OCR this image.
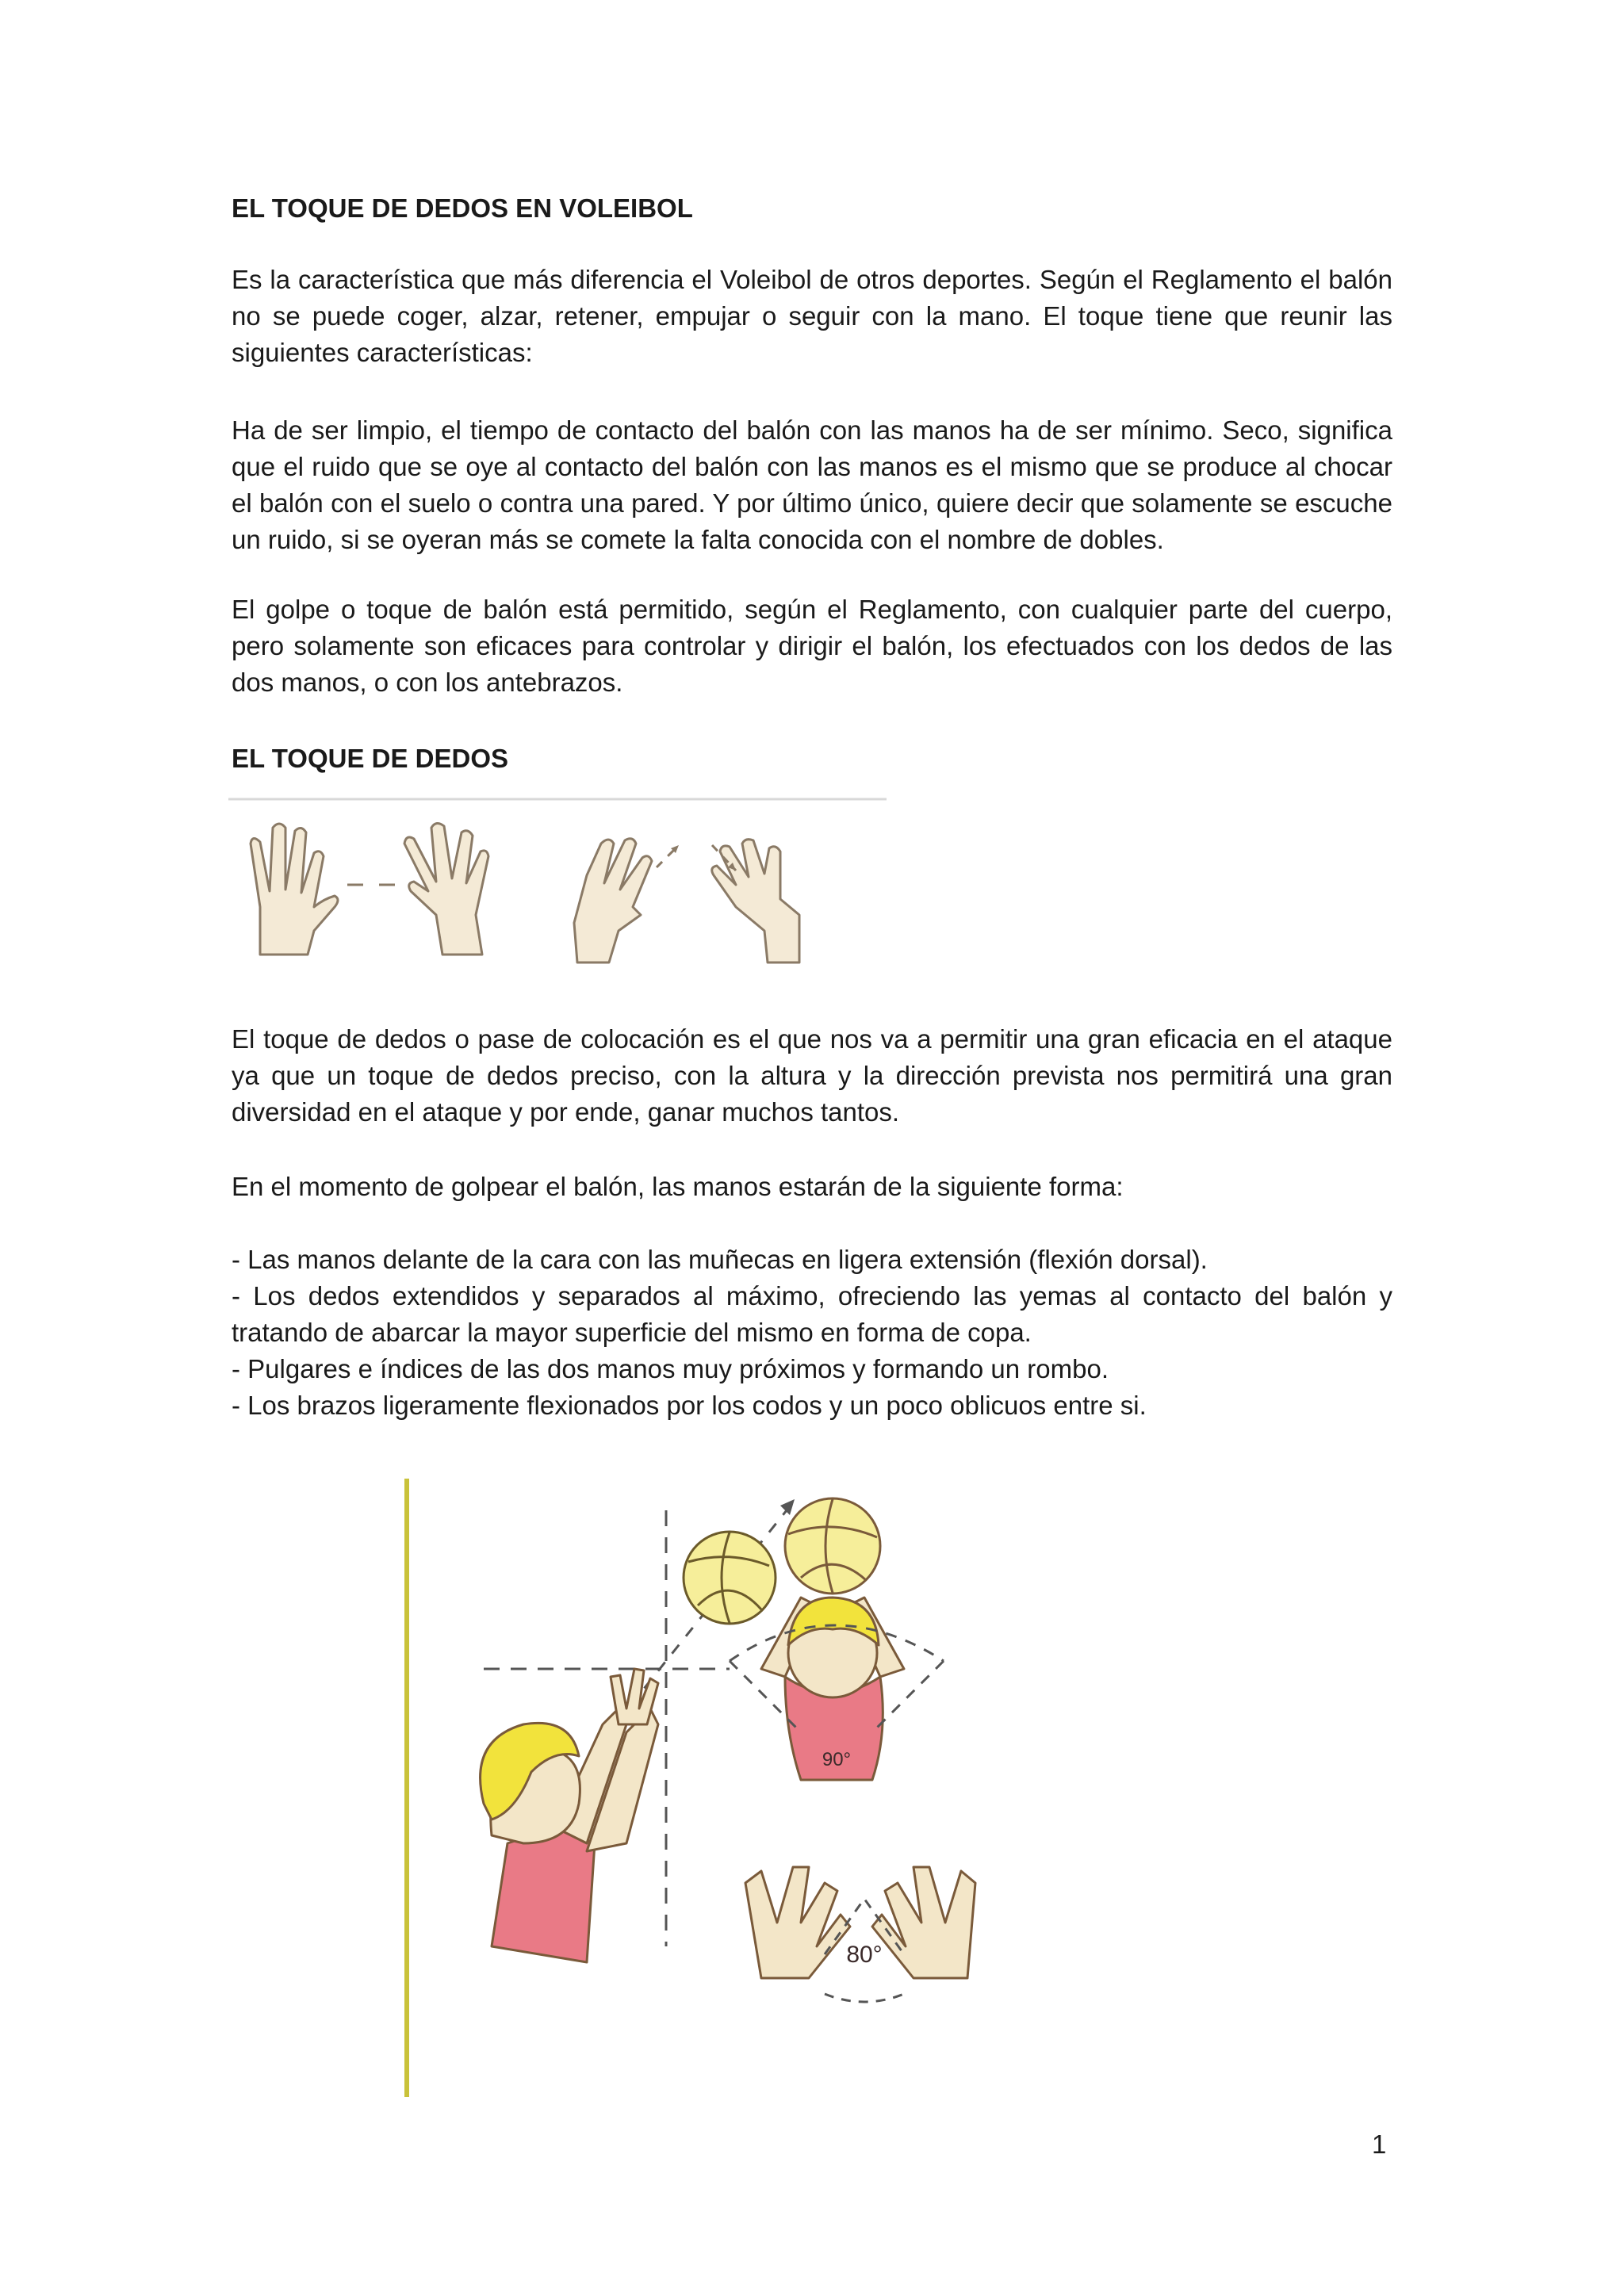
EL TOQUE DE DEDOS EN VOLEIBOL

Es la característica que más diferencia el Voleibol de otros deportes. Según el Reglamento el balón no se puede coger, alzar, retener, empujar o seguir con la mano. El toque tiene que reunir las siguientes características:

Ha de ser limpio, el tiempo de contacto del balón con las manos ha de ser mínimo. Seco, significa que el ruido que se oye al contacto del balón con las manos es el mismo que se produce al chocar el balón con el suelo o contra una pared. Y por último único, quiere decir que solamente se escuche un ruido, si se oyeran más se comete la falta conocida con el nombre de dobles.

El golpe o toque de balón está permitido, según el Reglamento, con cualquier parte del cuerpo, pero solamente son eficaces para controlar y dirigir el balón, los efectuados con los dedos de las dos manos, o con los antebrazos.

EL TOQUE DE DEDOS

El toque de dedos o pase de colocación es el que nos va a permitir una gran eficacia en el ataque ya que un toque de dedos preciso, con la altura y la dirección prevista nos permitirá una gran diversidad en el ataque y por ende, ganar muchos tantos.

En el momento de golpear el balón, las manos estarán de la siguiente forma:

- Las manos delante de la cara con las muñecas en ligera extensión (flexión dorsal).

- Los dedos extendidos y separados al máximo, ofreciendo las yemas al contacto del balón y tratando de abarcar la mayor superficie del mismo en forma de copa.

- Pulgares e índices de las dos manos muy próximos y formando un rombo.

- Los brazos ligeramente flexionados por los codos y un poco oblicuos entre si.

90°
80°
1
